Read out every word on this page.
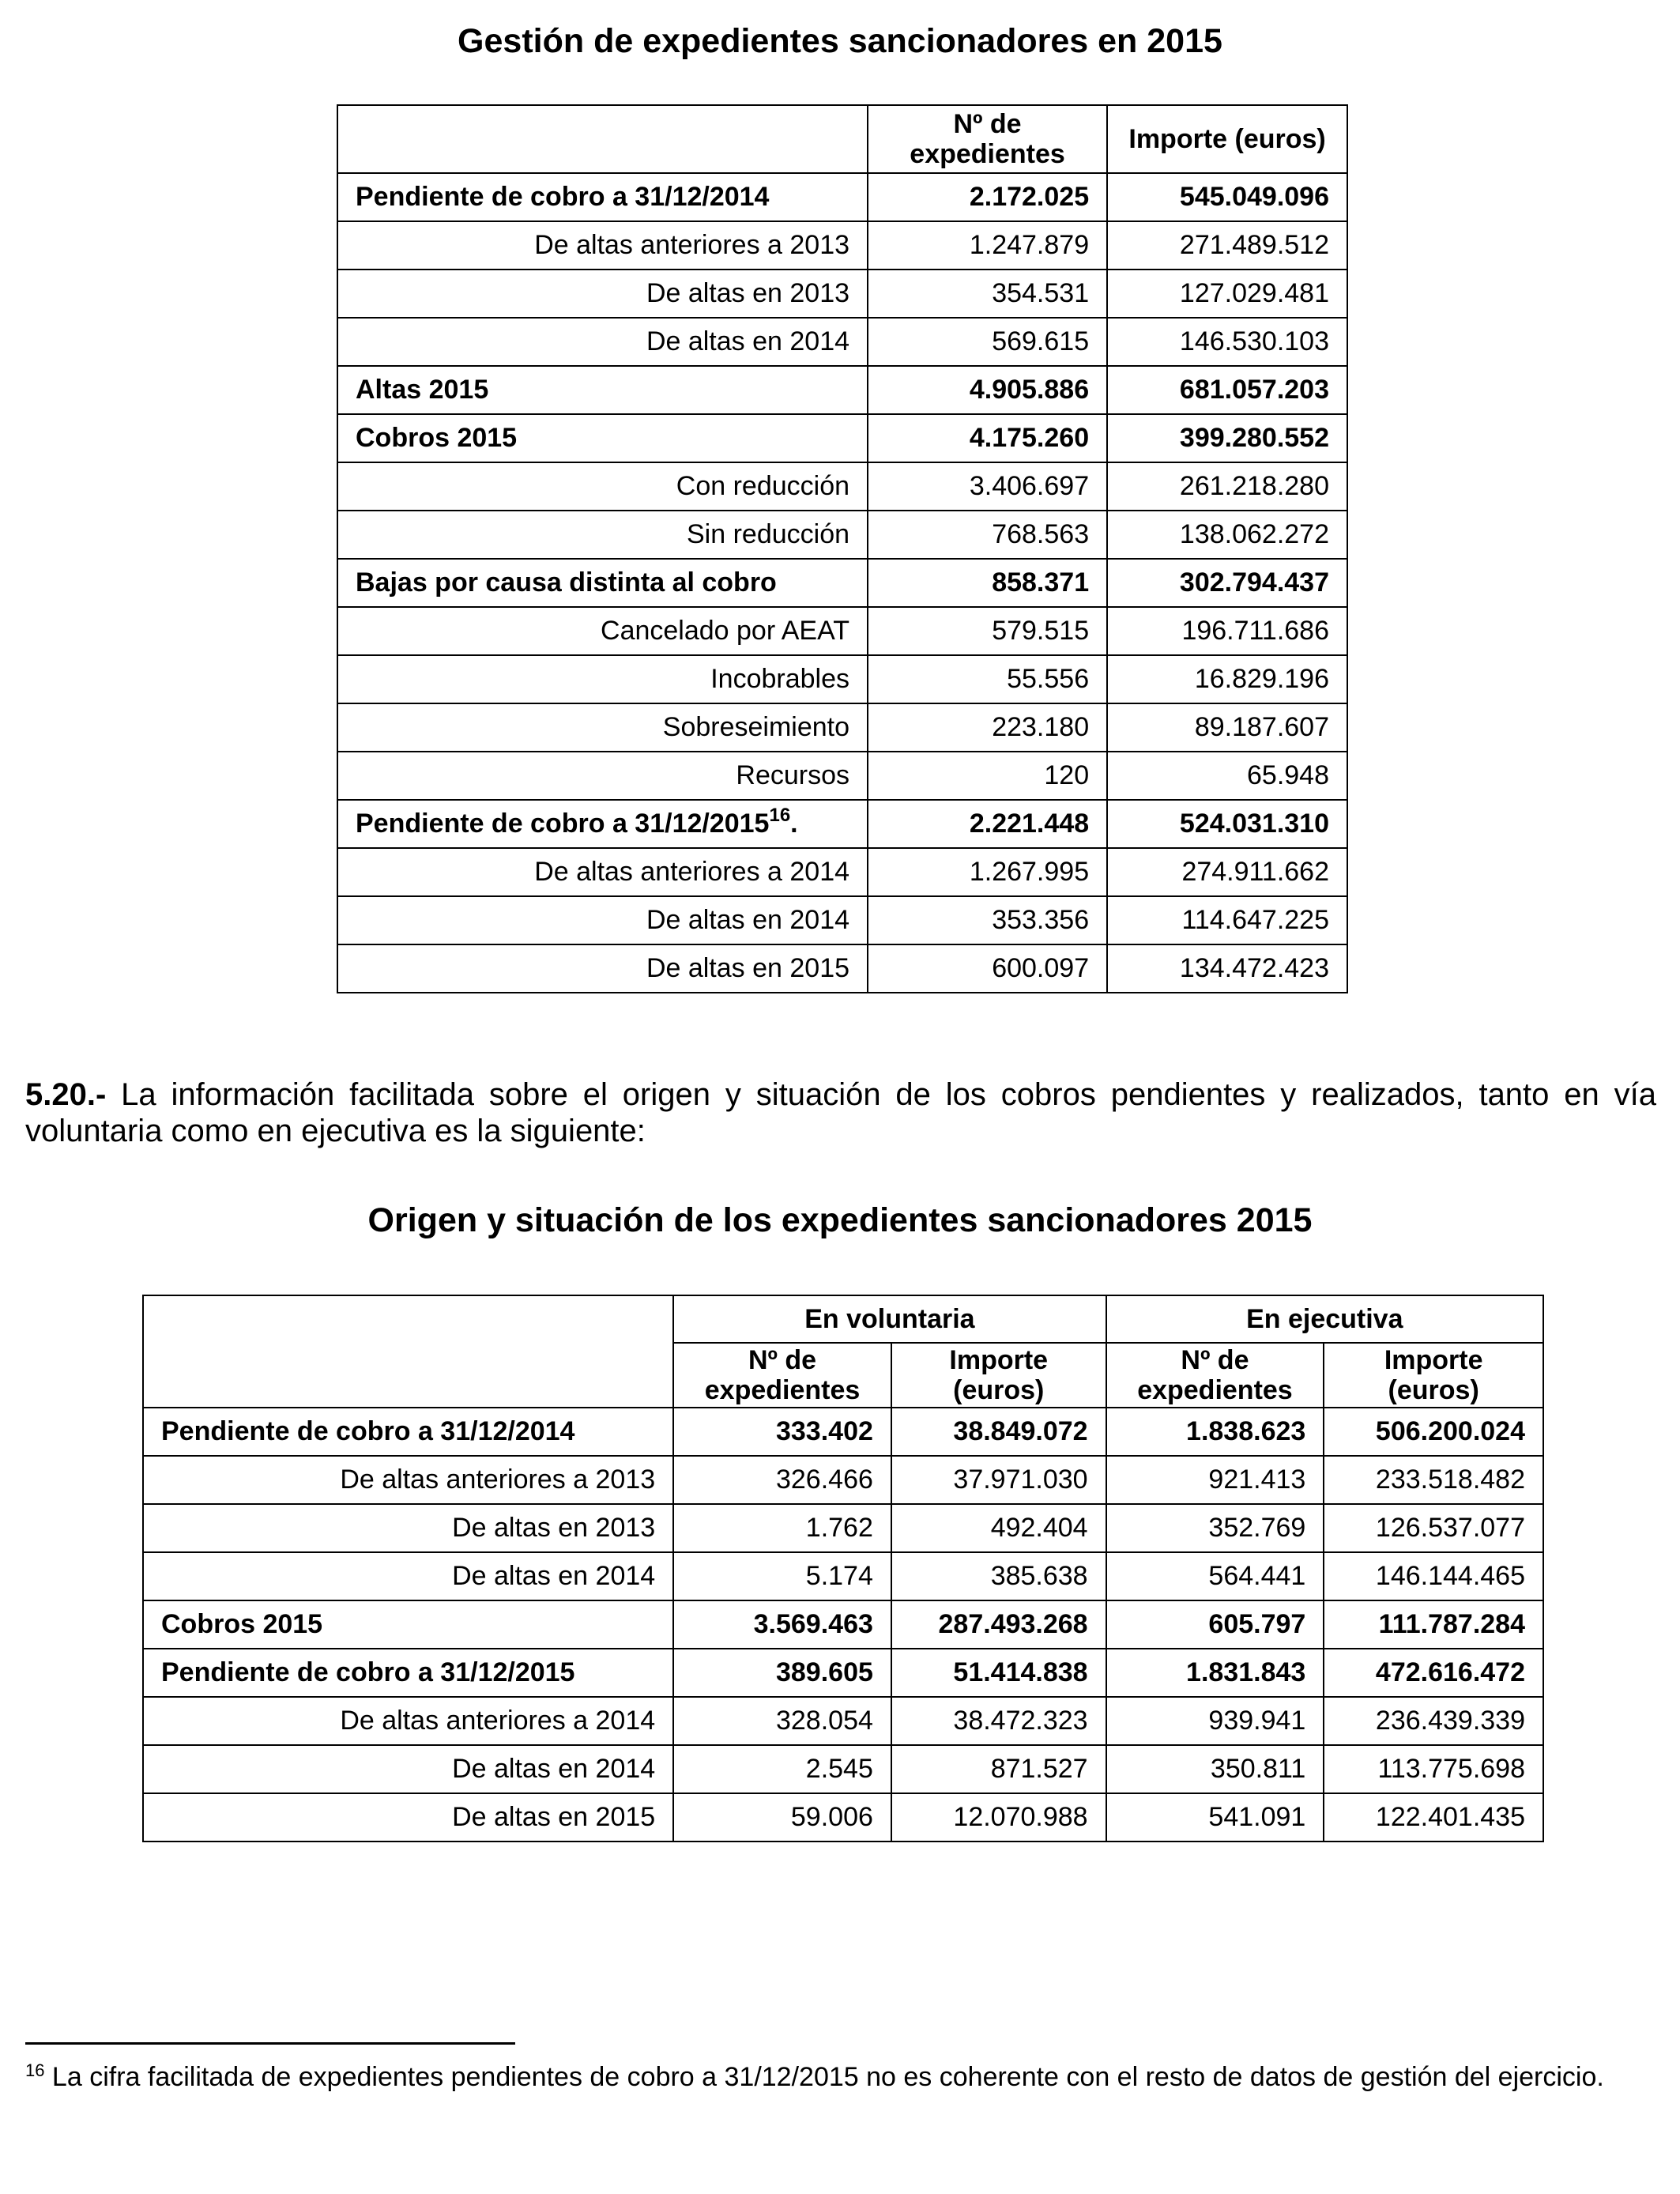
Gestión de expedientes sancionadores en 2015
	Nº de expedientes	Importe (euros)
Pendiente de cobro a 31/12/2014	2.172.025	545.049.096
De altas anteriores a 2013	1.247.879	271.489.512
De altas en 2013	354.531	127.029.481
De altas en 2014	569.615	146.530.103
Altas 2015	4.905.886	681.057.203
Cobros 2015	4.175.260	399.280.552
Con reducción	3.406.697	261.218.280
Sin reducción	768.563	138.062.272
Bajas por causa distinta al cobro	858.371	302.794.437
Cancelado por AEAT	579.515	196.711.686
Incobrables	55.556	16.829.196
Sobreseimiento	223.180	89.187.607
Recursos	120	65.948
Pendiente de cobro a 31/12/2015$^{16}$.	2.221.448	524.031.310
De altas anteriores a 2014	1.267.995	274.911.662
De altas en 2014	353.356	114.647.225
De altas en 2015	600.097	134.472.423

5.20.- La información facilitada sobre el origen y situación de los cobros pendientes y realizados, tanto en vía voluntaria como en ejecutiva es la siguiente:

Origen y situación de los expedientes sancionadores 2015
	En voluntaria		En ejecutiva	
	Nº de expedientes	Importe (euros)	Nº de expedientes	Importe (euros)
Pendiente de cobro a 31/12/2014	333.402	38.849.072	1.838.623	506.200.024
De altas anteriores a 2013	326.466	37.971.030	921.413	233.518.482
De altas en 2013	1.762	492.404	352.769	126.537.077
De altas en 2014	5.174	385.638	564.441	146.144.465
Cobros 2015	3.569.463	287.493.268	605.797	111.787.284
Pendiente de cobro a 31/12/2015	389.605	51.414.838	1.831.843	472.616.472
De altas anteriores a 2014	328.054	38.472.323	939.941	236.439.339
De altas en 2014	2.545	871.527	350.811	113.775.698
De altas en 2015	59.006	12.070.988	541.091	122.401.435

$^{16}$ La cifra facilitada de expedientes pendientes de cobro a 31/12/2015 no es coherente con el resto de datos de gestión del ejercicio.
